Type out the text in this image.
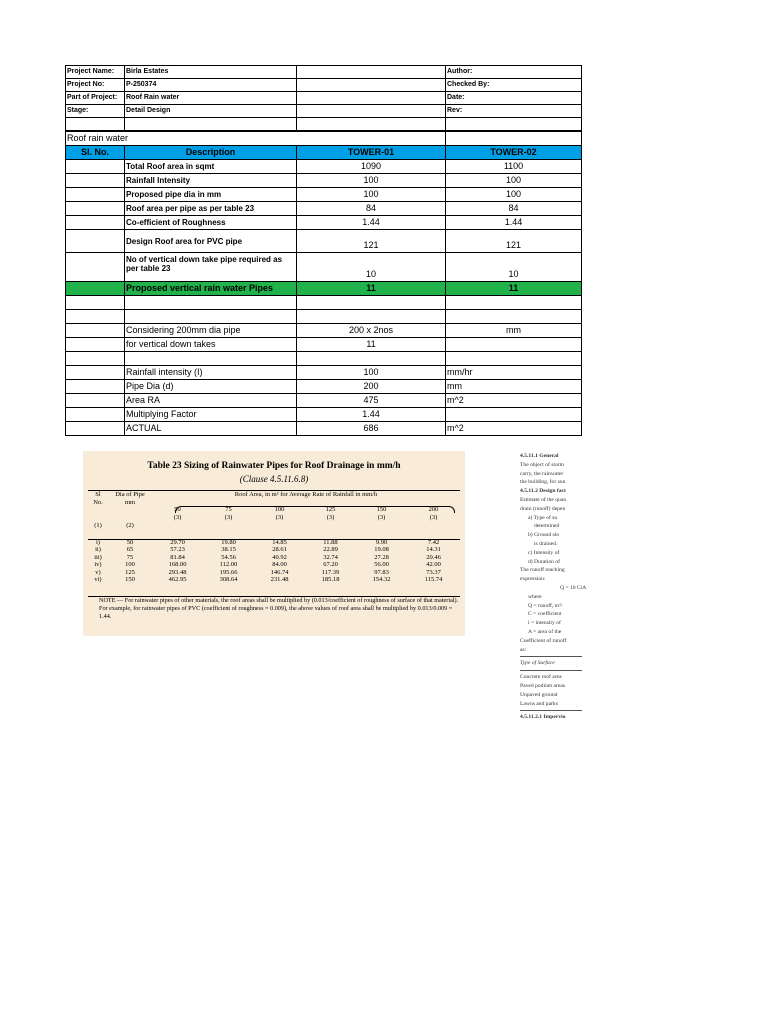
Project Name:	Birla Estates		Author:
Project No:	P-250374		Checked By:
Part of Project:	Roof Rain water		Date:
Stage:	Detail Design		Rev:

Roof rain water			
Sl. No.	Description	TOWER-01	TOWER-02
	Total Roof area in sqmt	1090	1100
	Rainfall Intensity	100	100
	Proposed pipe dia in mm	100	100
	Roof area per pipe as per table 23	84	84
	Co-efficient of Roughness	1.44	1.44
	Design Roof area for PVC pipe	121	121
	No of vertical down take pipe required as per table 23	10	10
	Proposed vertical rain water Pipes	11	11

	Considering 200mm dia pipe	200 x 2nos	mm
	for vertical down takes	11	

	Rainfall intensity (I)	100	mm/hr
	Pipe Dia (d)	200	mm
	Area RA	475	m^2
	Multiplying Factor	1.44	
	ACTUAL	686	m^2
Table 23 Sizing of Rainwater Pipes for Roof Drainage in mm/h
(Clause 4.5.11.6.8)
Sl	Dia of Pipe	Roof Area, in m² for Average Rate of Rainfall in mm/h					
No.	mm						
		50	75	100	125	150	200
		(3)	(3)	(3)	(3)	(3)	(3)
(1)	(2)						

i)	50	29.70	19.80	14.85	11.88	9.90	7.42
ii)	65	57.23	38.15	28.61	22.89	19.08	14.31
iii)	75	81.84	54.56	40.92	32.74	27.28	20.46
iv)	100	168.00	112.00	84.00	67.20	56.00	42.00
v)	125	293.48	195.66	146.74	117.39	97.83	73.37
vi)	150	462.95	308.64	231.48	185.18	154.32	115.74
NOTE — For rainwater pipes of other materials, the roof areas shall be multiplied by (0.013/coefficient of roughness of surface of that material). For example, for rainwater pipes of PVC (coefficient of roughness = 0.009), the above values of roof area shall be multiplied by 0.013/0.009 = 1.44.
4.5.11.1 General
The object of storm
carry, the rainwater
the building, for sun
4.5.11.2 Design fact
Estimate of the quan
drain (runoff) depen
a) Type of su
determined
b) Ground slo
is drained.
c) Intensity of
d) Duration of
The runoff reaching
expression:
Q = 10 CiA
where
Q = runoff, m³/
C = coefficient
i = intensity of
A = area of the
Coefficient of runoff
as:
Type of Surface
Concrete roof area
Paved podium areas
Unpaved ground
Lawns and parks
4.5.11.2.1 Impervio
